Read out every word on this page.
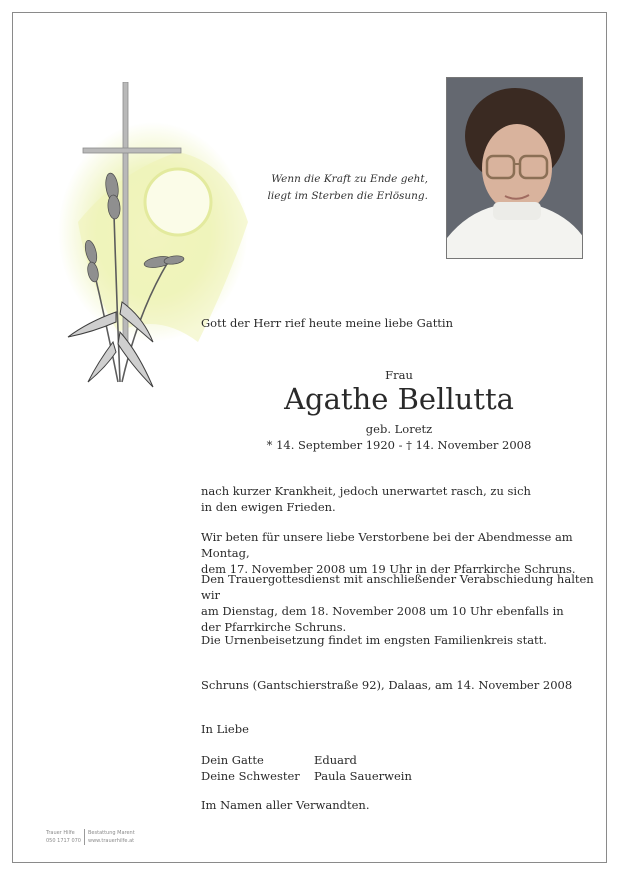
Wenn die Kraft zu Ende geht,
liegt im Sterben die Erlösung.

Gott der Herr rief heute meine liebe Gattin

Frau

Agathe Bellutta

geb. Loretz

* 14. September 1920 - † 14. November 2008

nach kurzer Krankheit, jedoch unerwartet rasch, zu sich
in den ewigen Frieden.
Wir beten für unsere liebe Verstorbene bei der Abendmesse am Montag,
dem 17. November 2008 um 19 Uhr in der Pfarrkirche Schruns.
Den Trauergottesdienst mit anschließender Verabschiedung halten wir
am Dienstag, dem 18. November 2008 um 10 Uhr ebenfalls in
der Pfarrkirche Schruns.

Die Urnenbeisetzung findet im engsten Familienkreis statt.

Schruns (Gantschierstraße 92), Dalaas, am 14. November 2008

In Liebe

Dein Gatte	Eduard
Deine Schwester	Paula Sauerwein

Im Namen aller Verwandten.

Trauer Hilfe
050 1717 070
Bestattung Marent
www.trauerhilfe.at
